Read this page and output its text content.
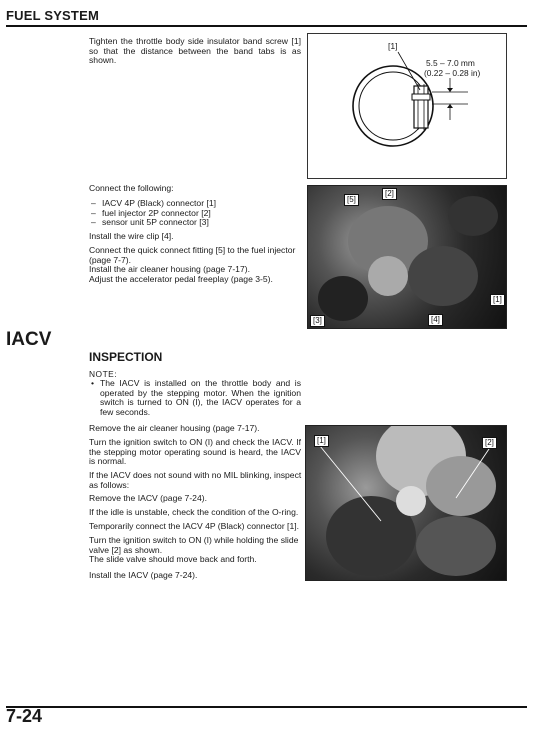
FUEL SYSTEM
Tighten the throttle body side insulator band screw [1] so that the distance between the band tabs is as shown.
[1]
5.5 – 7.0 mm
(0.22 – 0.28 in)
Connect the following:
– IACV 4P (Black) connector [1]
– fuel injector 2P connector [2]
– sensor unit 5P connector [3]
Install the wire clip [4].
Connect the quick connect fitting [5] to the fuel injector (page 7-7).
Install the air cleaner housing (page 7-17).
Adjust the accelerator pedal freeplay (page 3-5).
[5]
[2]
[1]
[3]	[4]
IACV
INSPECTION
NOTE:
• The IACV is installed on the throttle body and is operated by the stepping motor. When the ignition switch is turned to ON (I), the IACV operates for a few seconds.
Remove the air cleaner housing (page 7-17).
Turn the ignition switch to ON (I) and check the IACV. If the stepping motor operating sound is heard, the IACV is normal.
If the IACV does not sound with no MIL blinking, inspect as follows:
Remove the IACV (page 7-24).
If the idle is unstable, check the condition of the O-ring.
Temporarily connect the IACV 4P (Black) connector [1].
Turn the ignition switch to ON (I) while holding the slide valve [2] as shown.
The slide valve should move back and forth.
Install the IACV (page 7-24).
[1]	[2]
7-24
